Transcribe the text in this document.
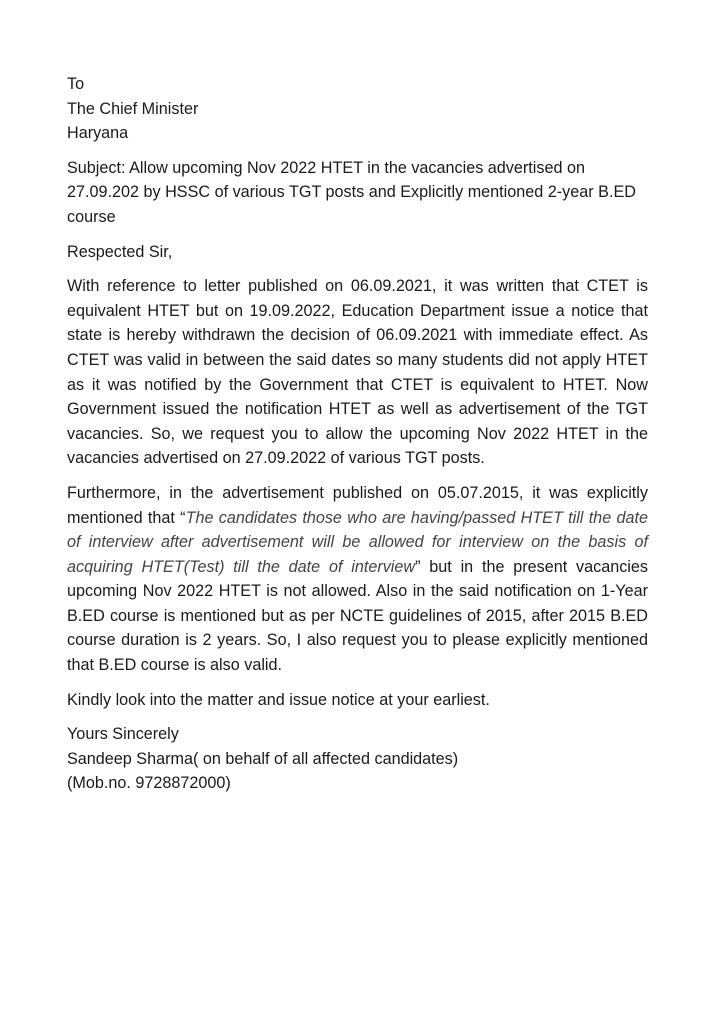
To
The Chief Minister
Haryana

Subject: Allow upcoming Nov 2022 HTET in the vacancies advertised on 27.09.202 by HSSC of various TGT posts and Explicitly mentioned 2-year B.ED course

Respected Sir,

With reference to letter published on 06.09.2021, it was written that CTET is equivalent HTET but on 19.09.2022, Education Department issue a notice that state is hereby withdrawn the decision of 06.09.2021 with immediate effect. As CTET was valid in between the said dates so many students did not apply HTET as it was notified by the Government that CTET is equivalent to HTET. Now Government issued the notification HTET as well as advertisement of the TGT vacancies. So, we request you to allow the upcoming Nov 2022 HTET in the vacancies advertised on 27.09.2022 of various TGT posts.

Furthermore, in the advertisement published on 05.07.2015, it was explicitly mentioned that “The candidates those who are having/passed HTET till the date of interview after advertisement will be allowed for interview on the basis of acquiring HTET(Test) till the date of interview” but in the present vacancies upcoming Nov 2022 HTET is not allowed. Also in the said notification on 1-Year B.ED course is mentioned but as per NCTE guidelines of 2015, after 2015 B.ED course duration is 2 years. So, I also request you to please explicitly mentioned that B.ED course is also valid.

Kindly look into the matter and issue notice at your earliest.

Yours Sincerely
Sandeep Sharma( on behalf of all affected candidates)
(Mob.no. 9728872000)
